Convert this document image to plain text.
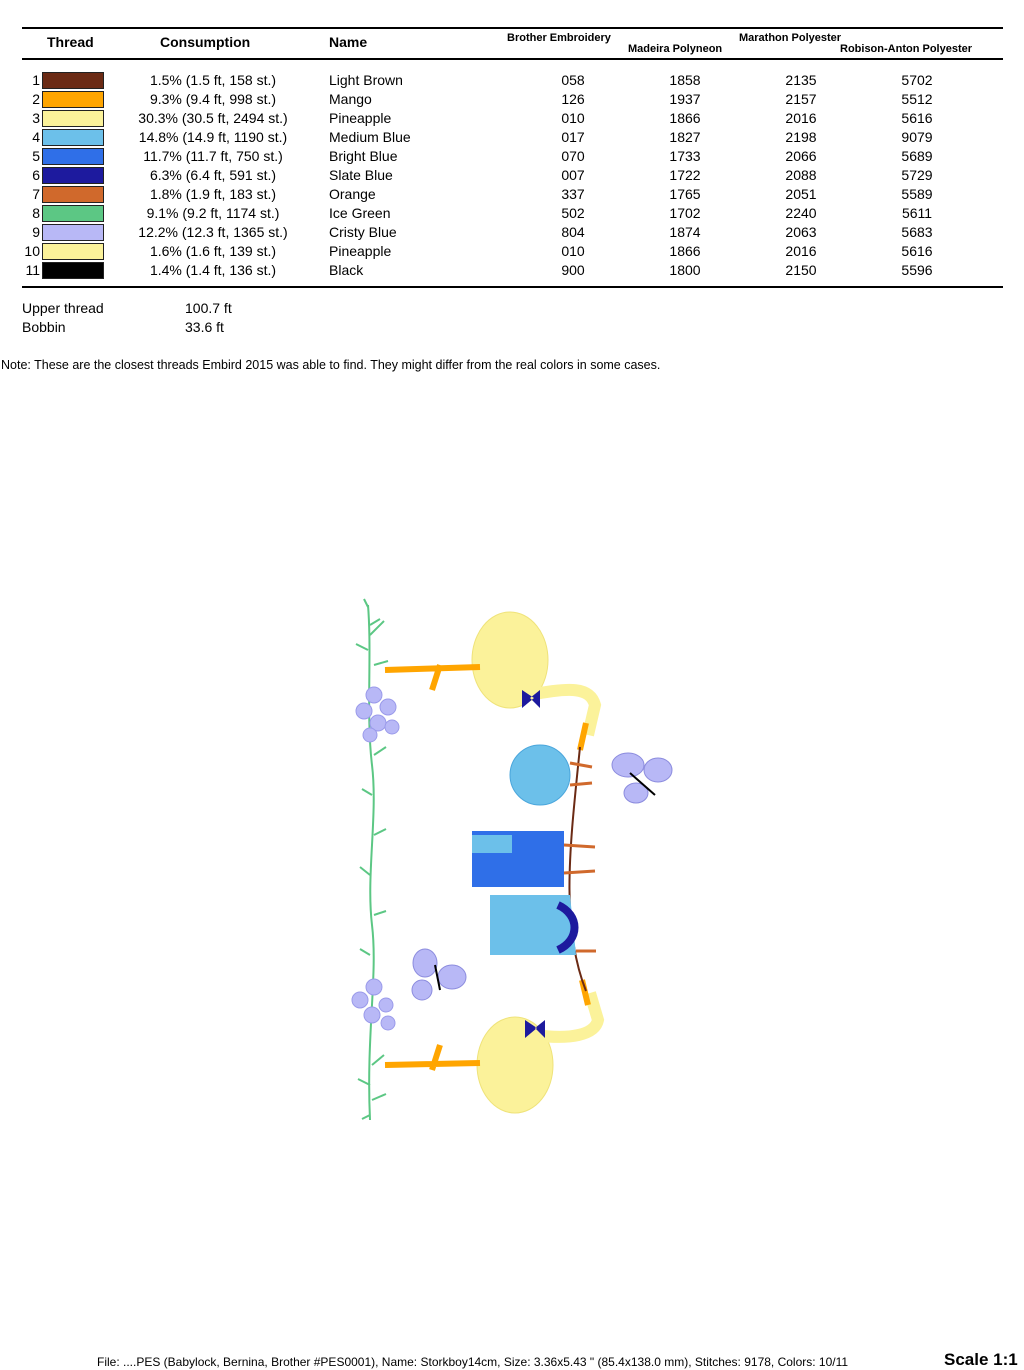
Thread	Consumption	Name	Brother Embroidery
Madeira Polyneon
Marathon Polyester
Robison-Anton Polyester
1	1.5% (1.5 ft, 158 st.)	Light Brown	058	1858	2135	5702
2	9.3% (9.4 ft, 998 st.)	Mango	126	1937	2157	5512
3	30.3% (30.5 ft, 2494 st.)	Pineapple	010	1866	2016	5616
4	14.8% (14.9 ft, 1190 st.)	Medium Blue	017	1827	2198	9079
5	11.7% (11.7 ft, 750 st.)	Bright Blue	070	1733	2066	5689
6	6.3% (6.4 ft, 591 st.)	Slate Blue	007	1722	2088	5729
7	1.8% (1.9 ft, 183 st.)	Orange	337	1765	2051	5589
8	9.1% (9.2 ft, 1174 st.)	Ice Green	502	1702	2240	5611
9	12.2% (12.3 ft, 1365 st.)	Cristy Blue	804	1874	2063	5683
10	1.6% (1.6 ft, 139 st.)	Pineapple	010	1866	2016	5616
11	1.4% (1.4 ft, 136 st.)	Black	900	1800	2150	5596
Upper thread	100.7 ft
Bobbin	33.6 ft
Note: These are the closest threads Embird 2015 was able to find. They might differ from the real colors in some cases.
File: ....PES (Babylock, Bernina, Brother #PES0001), Name: Storkboy14cm, Size: 3.36x5.43 " (85.4x138.0 mm), Stitches: 9178, Colors: 10/11	Scale 1:1
